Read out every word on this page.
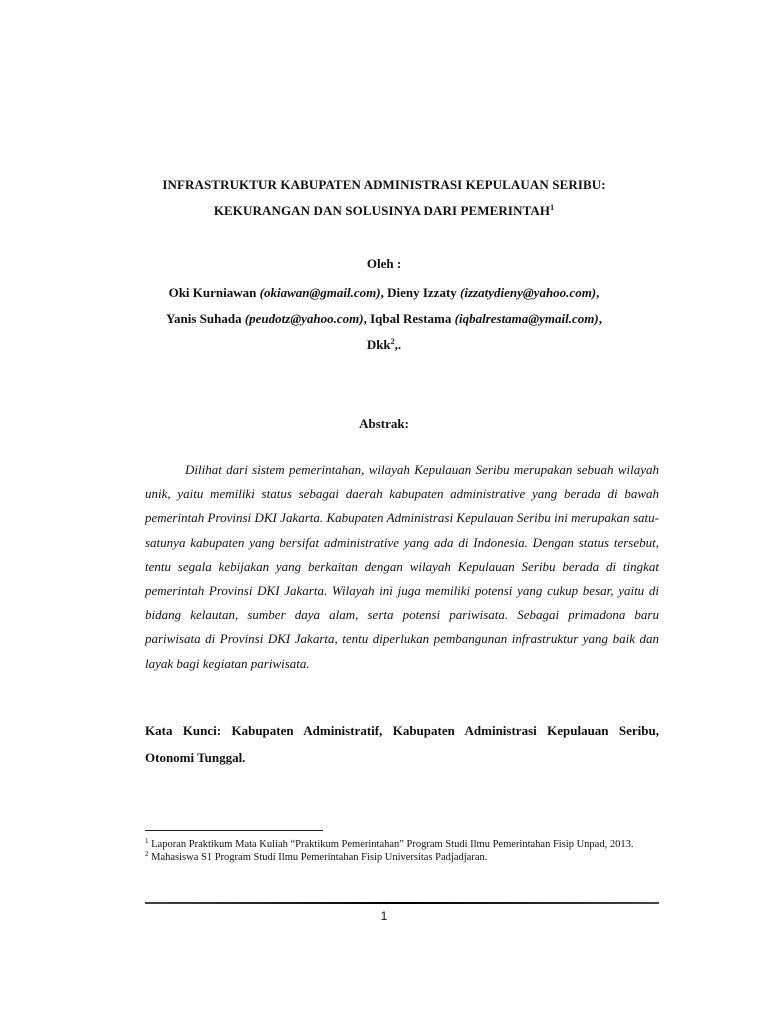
INFRASTRUKTUR KABUPATEN ADMINISTRASI KEPULAUAN SERIBU:
KEKURANGAN DAN SOLUSINYA DARI PEMERINTAH$^1$
Oleh :
Oki Kurniawan (okiawan@gmail.com), Dieny Izzaty (izzatydieny@yahoo.com),
Yanis Suhada (peudotz@yahoo.com), Iqbal Restama (iqbalrestama@ymail.com),
Dkk$^2$,.
Abstrak:

Dilihat dari sistem pemerintahan, wilayah Kepulauan Seribu merupakan sebuah wilayah unik, yaitu memiliki status sebagai daerah kabupaten administrative yang berada di bawah pemerintah Provinsi DKI Jakarta. Kabupaten Administrasi Kepulauan Seribu ini merupakan satu-satunya kabupaten yang bersifat administrative yang ada di Indonesia. Dengan status tersebut, tentu segala kebijakan yang berkaitan dengan wilayah Kepulauan Seribu berada di tingkat pemerintah Provinsi DKI Jakarta. Wilayah ini juga memiliki potensi yang cukup besar, yaitu di bidang kelautan, sumber daya alam, serta potensi pariwisata. Sebagai primadona baru pariwisata di Provinsi DKI Jakarta, tentu diperlukan pembangunan infrastruktur yang baik dan layak bagi kegiatan pariwisata.

Kata Kunci: Kabupaten Administratif, Kabupaten Administrasi Kepulauan Seribu, Otonomi Tunggal.

$^1$ Laporan Praktikum Mata Kuliah “Praktikum Pemerintahan” Program Studi Ilmu Pemerintahan Fisip Unpad, 2013.

$^2$ Mahasiswa S1 Program Studi Ilmu Pemerintahan Fisip Universitas Padjadjaran.

1
